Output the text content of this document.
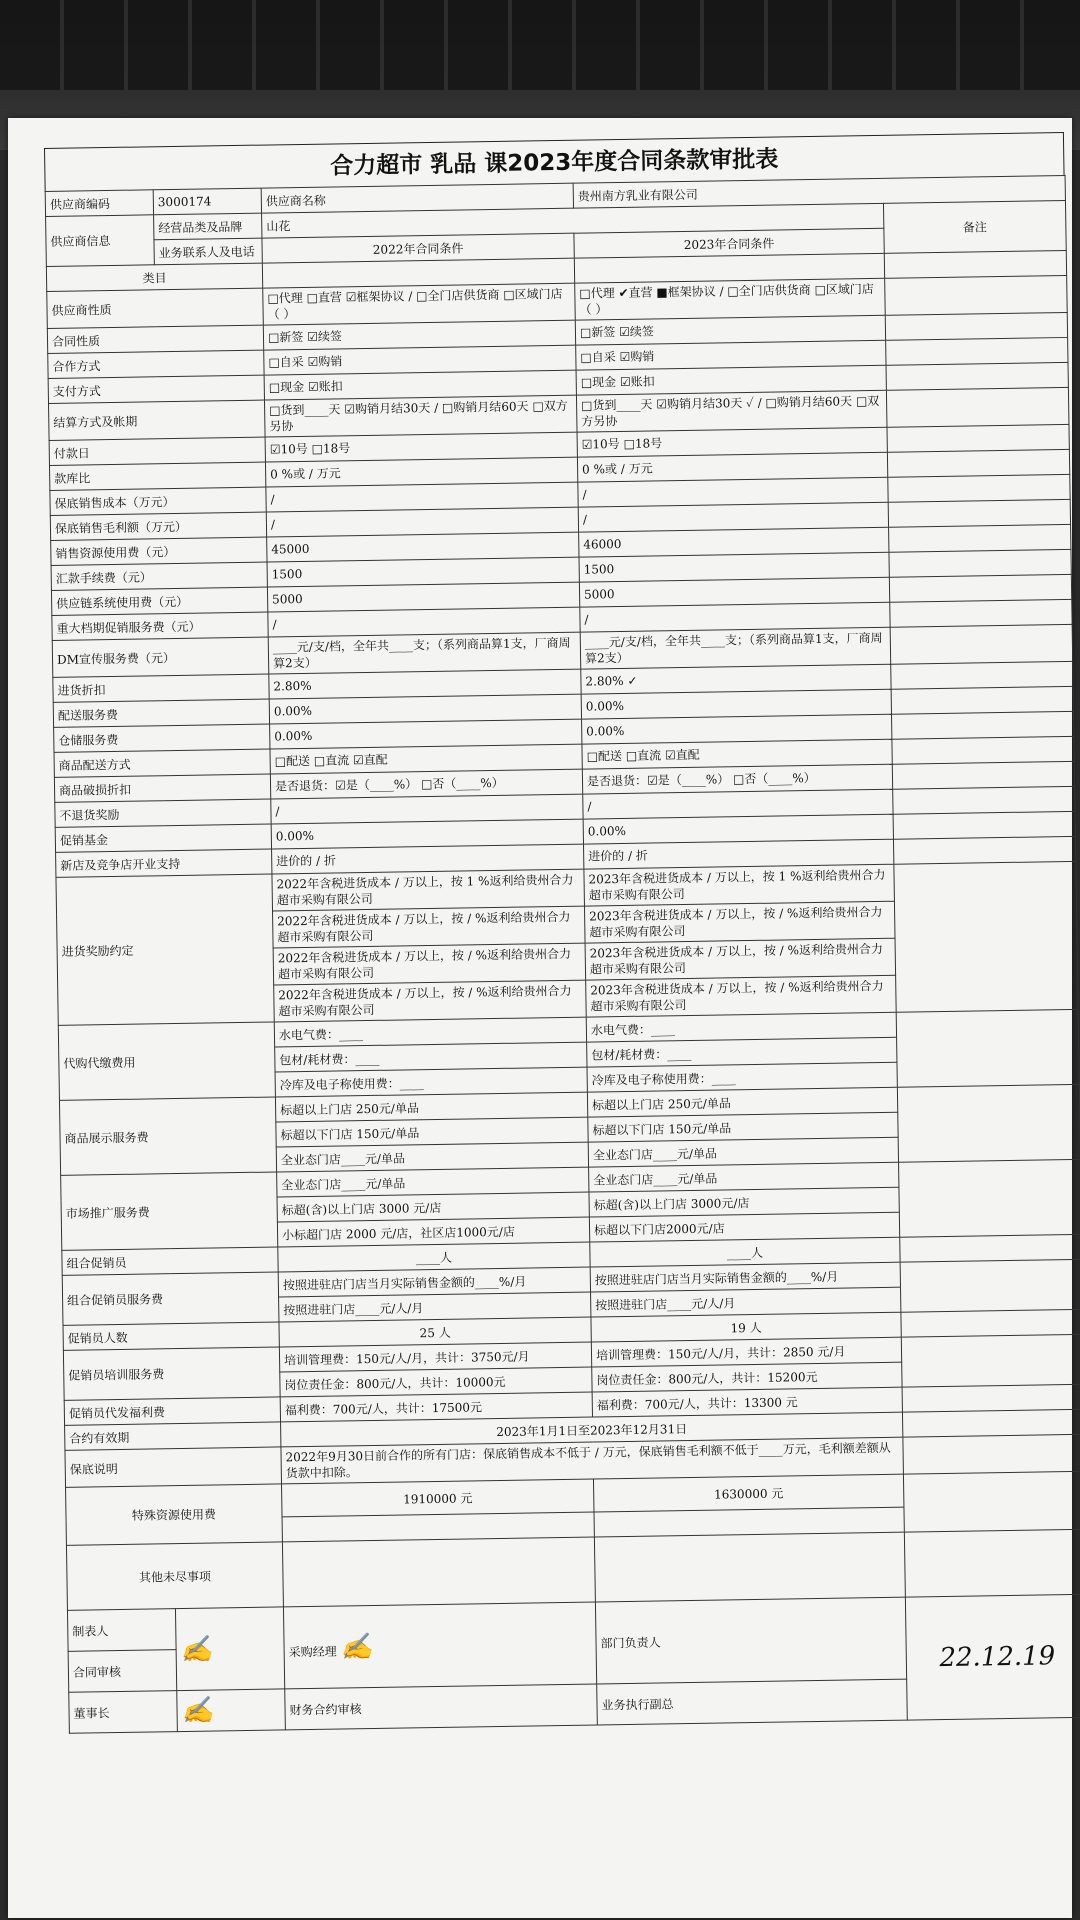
合力超市 乳品 课2023年度合同条款审批表
供应商编码	3000174	供应商名称	贵州南方乳业有限公司	
供应商信息	经营品类及品牌	山花		备注
	业务联系人及电话	2022年合同条件	2023年合同条件	
类目				
供应商性质		□代理 □直营 ☑框架协议 / □全门店供货商 □区域门店（ ）	□代理 ✔直营 ■框架协议 / □全门店供货商 □区域门店（ ）	
合同性质		□新签 ☑续签	□新签 ☑续签	
合作方式		□自采 ☑购销	□自采 ☑购销	
支付方式		□现金 ☑账扣	□现金 ☑账扣	
结算方式及帐期		□货到____天 ☑购销月结30天 / □购销月结60天 □双方另协	□货到____天 ☑购销月结30天 ✓ / □购销月结60天 □双方另协	
付款日		☑10号 □18号	☑10号 □18号	
款库比		0 %或 / 万元	0 %或 / 万元	
保底销售成本（万元）		/	/	
保底销售毛利额（万元）		/	/	
销售资源使用费（元）		45000	46000	
汇款手续费（元）		1500	1500	
供应链系统使用费（元）		5000	5000	
重大档期促销服务费（元）		/	/	
DM宣传服务费（元）		____元/支/档，全年共____支；（系列商品算1支，厂商周算2支）	____元/支/档，全年共____支；（系列商品算1支，厂商周算2支）	
进货折扣		2.80%	2.80% ✓	
配送服务费		0.00%	0.00%	
仓储服务费		0.00%	0.00%	
商品配送方式		□配送 □直流 ☑直配	□配送 □直流 ☑直配	
商品破损折扣		是否退货：☑是（____%） □否（____%）	是否退货：☑是（____%） □否（____%）	
不退货奖励		/	/	
促销基金		0.00%	0.00%	
新店及竞争店开业支持		进价的 / 折	进价的 / 折	
进货奖励约定		2022年含税进货成本 / 万以上，按 1 %返利给贵州合力超市采购有限公司	2023年含税进货成本 / 万以上，按 1 %返利给贵州合力超市采购有限公司	
		2022年含税进货成本 / 万以上，按 / %返利给贵州合力超市采购有限公司	2023年含税进货成本 / 万以上，按 / %返利给贵州合力超市采购有限公司	
		2022年含税进货成本 / 万以上，按 / %返利给贵州合力超市采购有限公司	2023年含税进货成本 / 万以上，按 / %返利给贵州合力超市采购有限公司	
		2022年含税进货成本 / 万以上，按 / %返利给贵州合力超市采购有限公司	2023年含税进货成本 / 万以上，按 / %返利给贵州合力超市采购有限公司	
代购代缴费用		水电气费：____	水电气费：____	
		包材/耗材费：____	包材/耗材费：____	
		冷库及电子称使用费：____	冷库及电子称使用费：____	
商品展示服务费		标超以上门店 250元/单品	标超以上门店 250元/单品	
		标超以下门店 150元/单品	标超以下门店 150元/单品	
		全业态门店____元/单品	全业态门店____元/单品	
市场推广服务费		全业态门店____元/单品	全业态门店____元/单品	
		标超(含)以上门店 3000 元/店	标超(含)以上门店 3000元/店	
		小标超门店 2000 元/店，社区店1000元/店	标超以下门店2000元/店	
组合促销员		____人	____人	
组合促销员服务费		按照进驻店门店当月实际销售金额的____%/月	按照进驻店门店当月实际销售金额的____%/月	
		按照进驻门店____元/人/月	按照进驻门店____元/人/月	
促销员人数		25 人	19 人	
促销员培训服务费		培训管理费：150元/人/月，共计：3750元/月	培训管理费：150元/人/月，共计：2850 元/月	
		岗位责任金：800元/人，共计：10000元	岗位责任金：800元/人，共计：15200元	
促销员代发福利费		福利费：700元/人，共计：17500元	福利费：700元/人，共计：13300 元	
合约有效期		2023年1月1日至2023年12月31日		
保底说明		2022年9月30日前合作的所有门店：保底销售成本不低于 / 万元，保底销售毛利额不低于____万元，毛利额差额从货款中扣除。		
特殊资源使用费		1910000 元	1630000 元	

其他未尽事项				
制表人	✍	采购经理 ✍	部门负责人	22.12.19
合同审核				
董事长	✍	财务合约审核	业务执行副总	
